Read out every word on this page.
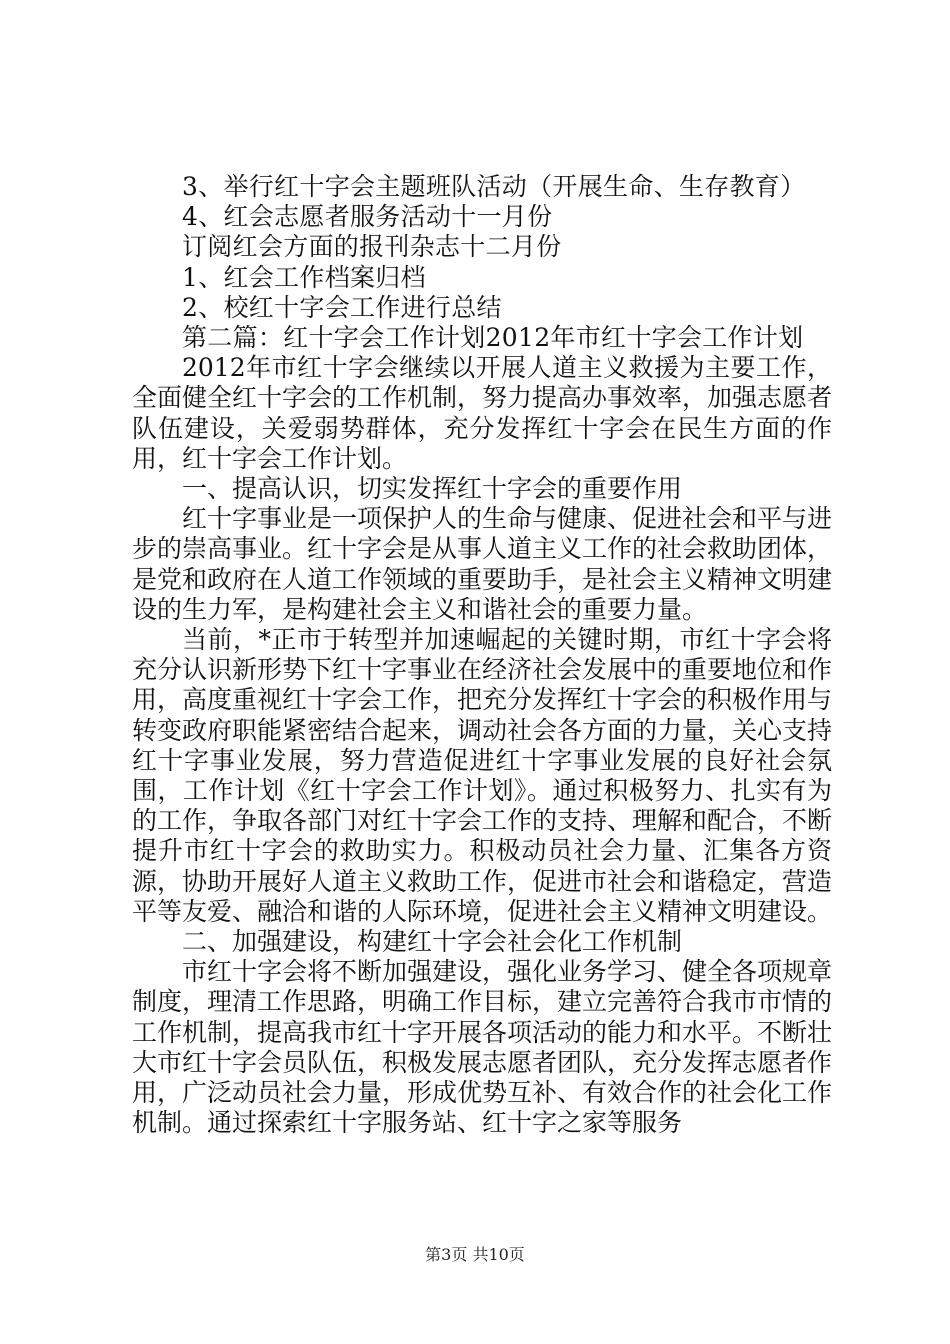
3、举行红十字会主题班队活动（开展生命、生存教育）
4、红会志愿者服务活动十一月份
订阅红会方面的报刊杂志十二月份
1、红会工作档案归档
2、校红十字会工作进行总结
第二篇：红十字会工作计划2012年市红十字会工作计划

2012年市红十字会继续以开展人道主义救援为主要工作，全面健全红十字会的工作机制，努力提高办事效率，加强志愿者队伍建设，关爱弱势群体，充分发挥红十字会在民生方面的作用，红十字会工作计划。

一、提高认识，切实发挥红十字会的重要作用

红十字事业是一项保护人的生命与健康、促进社会和平与进步的崇高事业。红十字会是从事人道主义工作的社会救助团体，是党和政府在人道工作领域的重要助手，是社会主义精神文明建设的生力军，是构建社会主义和谐社会的重要力量。

当前，*正市于转型并加速崛起的关键时期，市红十字会将充分认识新形势下红十字事业在经济社会发展中的重要地位和作用，高度重视红十字会工作，把充分发挥红十字会的积极作用与转变政府职能紧密结合起来，调动社会各方面的力量，关心支持红十字事业发展，努力营造促进红十字事业发展的良好社会氛围，工作计划《红十字会工作计划》。通过积极努力、扎实有为的工作，争取各部门对红十字会工作的支持、理解和配合，不断提升市红十字会的救助实力。积极动员社会力量、汇集各方资源，协助开展好人道主义救助工作，促进市社会和谐稳定，营造平等友爱、融洽和谐的人际环境，促进社会主义精神文明建设。

二、加强建设，构建红十字会社会化工作机制

市红十字会将不断加强建设，强化业务学习、健全各项规章制度，理清工作思路，明确工作目标，建立完善符合我市市情的工作机制，提高我市红十字开展各项活动的能力和水平。不断壮大市红十字会员队伍，积极发展志愿者团队，充分发挥志愿者作用，广泛动员社会力量，形成优势互补、有效合作的社会化工作机制。通过探索红十字服务站、红十字之家等服务

第3页 共10页
